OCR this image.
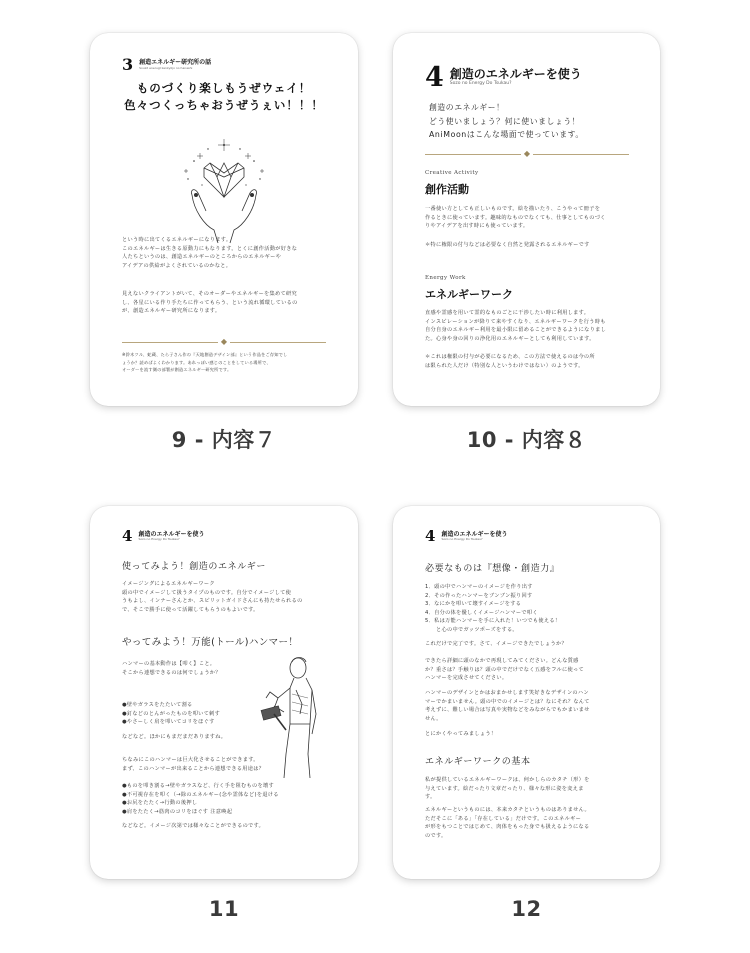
3 創造エネルギー研究所の話
Souzō enerugī kenkyūjo no hanashi
ものづくり楽しもうぜウェイ！
色々つくっちゃおうぜうぇい！！！
という時に出てくるエネルギーになります。
このエネルギーは生きる原動力にもなります。とくに創作活動が好きな
人たちというのは、創造エネルギーのところからのエネルギーや
アイデアの供給がよくされているのかなと。
見えないクライアントがいて、そのオーダーやエネルギーを集めて研究
し、各星にいる作り手たちに作ってもらう、という流れ循環しているの
が、創造エネルギー研究所になります。
◆
※鈴木ツル、蛇蔵、たら子さん作の『天地創造デザイン部』という作品をご存知でし
ょうか？読めばよくわかります。あれっぽい感じのことをしている場所で、
オーダーを流す側の部署が創造エネルギー研究所です。
9 - 内容７
4 創造のエネルギーを使う
Sozo no Energy Do Tsukau?
創造のエネルギー！
どう使いましょう？何に使いましょう！
AniMoonはこんな場面で使っています。
◆
Creative Activity
創作活動
一番使い方としても正しいものです。絵を描いたり、こうやって冊子を
作るときに使っています。趣味的なものでなくても、仕事としてものづく
りやアイデアを出す時にも使っています。
＊特に権限の付与などは必要なく自然と発露されるエネルギーです
Energy Work
エネルギーワーク
直感や霊感を用いて霊的なものごとに干渉したい時に利用します。
インスピレーションが降りて来やすくなり、エネルギーワークを行う時も
自分自身のエネルギー利用を最小限に留めることができるようになりまし
た。心身や身の回りの浄化用のエネルギーとしても利用しています。
＊これは権限の付与が必要になるため、この方法で使えるのは今の所
は限られた人だけ（特別な人というわけではない）のようです。
10 - 内容８
4 創造のエネルギーを使う
Sozo no Energy Do Tsukau?
使ってみよう！創造のエネルギー
イメージングによるエネルギーワーク
頭の中でイメージして扱うタイプのものです。自分でイメージして使
うもよし、インナーさんとか、スピリットガイドさんにも持たせられるの
で、そこで勝手に使って活躍してもらうのもよいです。
やってみよう！万能(トール)ハンマー！
ハンマーの基本動作は【叩く】こと。
そこから連想できるのは何でしょうか？
●壁やガラスをたたいて割る
●釘などのとんがったものを叩いて刺す
●やさーしく肩を叩いてコリをほぐす
などなど。ほかにもまだまだありますね。
ちなみにこのハンマーは巨大化させることができます。
まず、このハンマーが出来ることから連想できる用途は？
●ものを叩き割る→壁やガラスなど、行く手を阻むものを壊す
●不可視存在を叩く（→除のエネルギー(念や霊体など)を退ける
●お尻をたたく→行動の後押し
●肩をたたく→筋肉のコリをほぐす 注意喚起
などなど。イメージ次第では様々なことができるのです。
11
4 創造のエネルギーを使う
Sozo no Energy Do Tsukau?
必要なものは『想像・創造力』
1．頭の中でハンマーのイメージを作り出す
2．その作ったハンマーをブンブン振り回す
3．なにかを叩いて壊すイメージをする
4．自分の体を優しくイメージハンマーで叩く
5．私は万能ハンマーを手に入れた！いつでも使える！
　　と心の中でガッツポーズをする。
これだけで完了です。さて、イメージできたでしょうか？
できたら詳細に頭のなかで再現してみてください。どんな質感
か？重さは？手触りは？頭の中でだけでなく五感をフルに使って
ハンマーを完成させてください。
ハンマーのデザインとかはおまかせします笑好きなデザインのハン
マーでかまいません。頭の中でのイメージとは？なにそれ？なんて
考えずに、難しい場合は写真や実物などをみながらでもかまいませ
せん。
とにかくやってみましょう！
エネルギーワークの基本
私が提供しているエネルギーワークは、何かしらのカタチ（形）を
与えています。絵だったり文章だったり、様々な形に姿を変えま
す。
エネルギーというものには、本来カタチというものはありません。
ただそこに「ある」「存在している」だけです。このエネルギー
が形をもつことではじめて、肉体をもった身でも扱えるようになる
のです。
12
